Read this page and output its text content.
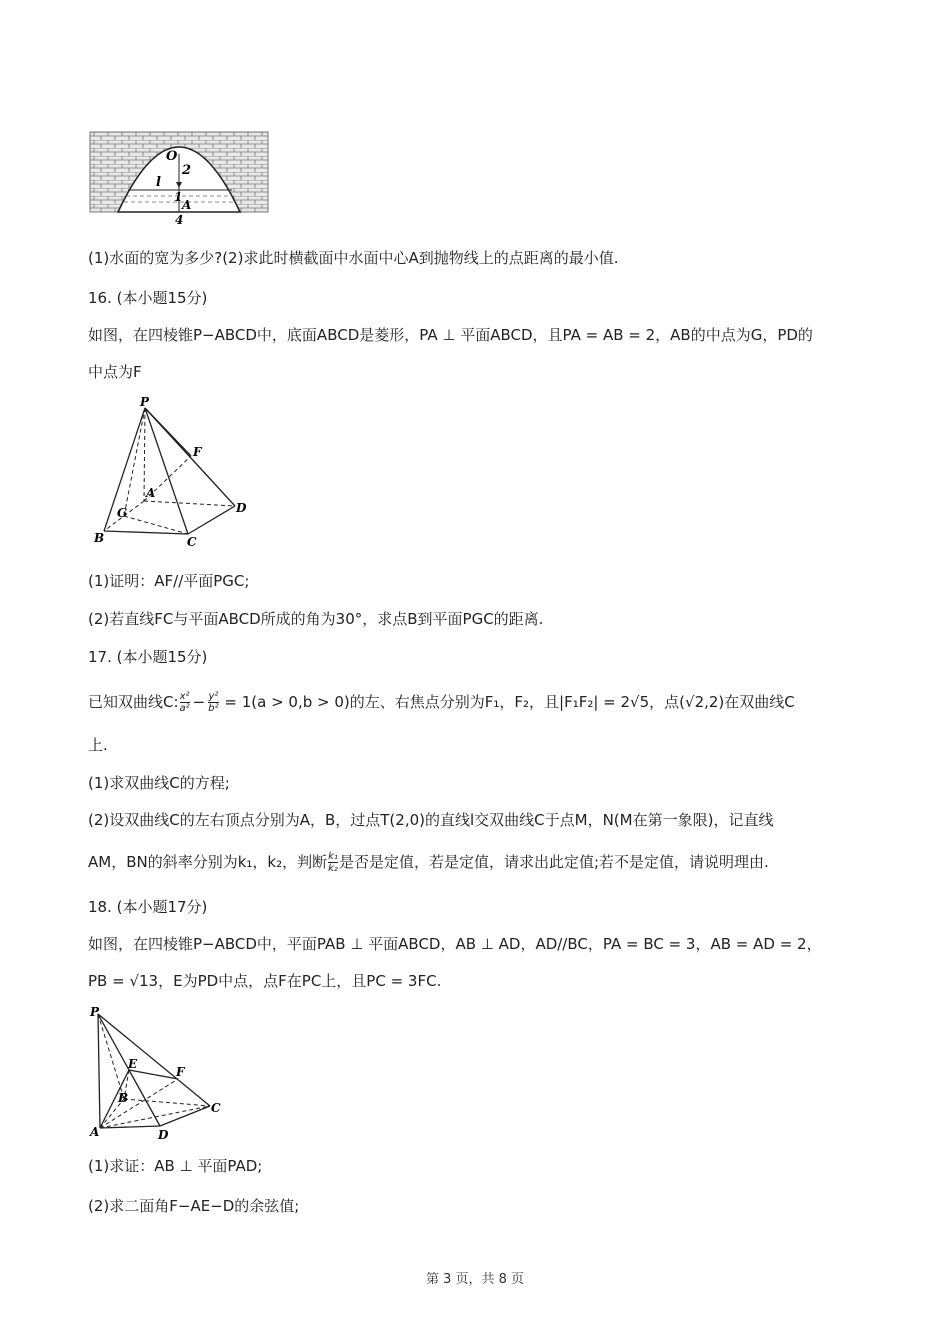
O
2
l
1
A
4
(1)水面的宽为多少?(2)求此时横截面中水面中心A到抛物线上的点距离的最小值.
16. (本小题15分)
如图，在四棱锥P−ABCD中，底面ABCD是菱形，PA ⊥ 平面ABCD，且PA = AB = 2，AB的中点为G，PD的
中点为F
P
F
A
G	D
B	C
(1)证明：AF//平面PGC;
(2)若直线FC与平面ABCD所成的角为30°，求点B到平面PGC的距离.
17. (本小题15分)
已知双曲线C: $\frac{\text{x²}}{\text{a²}} - \frac{\text{y²}}{\text{b²}} = 1(a > 0,b > 0)$的左、右焦点分别为F₁，F₂，且|F₁F₂| = 2√5，点(√2,2)在双曲线C
上.
(1)求双曲线C的方程;
(2)设双曲线C的左右顶点分别为A，B，过点T(2,0)的直线l交双曲线C于点M，N(M在第一象限)，记直线
AM，BN的斜率分别为k₁，k₂，判断 $\frac{\text{k₁}}{\text{k₂}}$ 是否是定值，若是定值，请求出此定值;若不是定值，请说明理由.
18. (本小题17分)
如图，在四棱锥P−ABCD中，平面PAB ⊥ 平面ABCD，AB ⊥ AD，AD//BC，PA = BC = 3，AB = AD = 2，
PB = √13，E为PD中点，点F在PC上，且PC = 3FC.
P
E
F
B
C
A	D
(1)求证：AB ⊥ 平面PAD;
(2)求二面角F−AE−D的余弦值;
第 3 页，共 8 页
